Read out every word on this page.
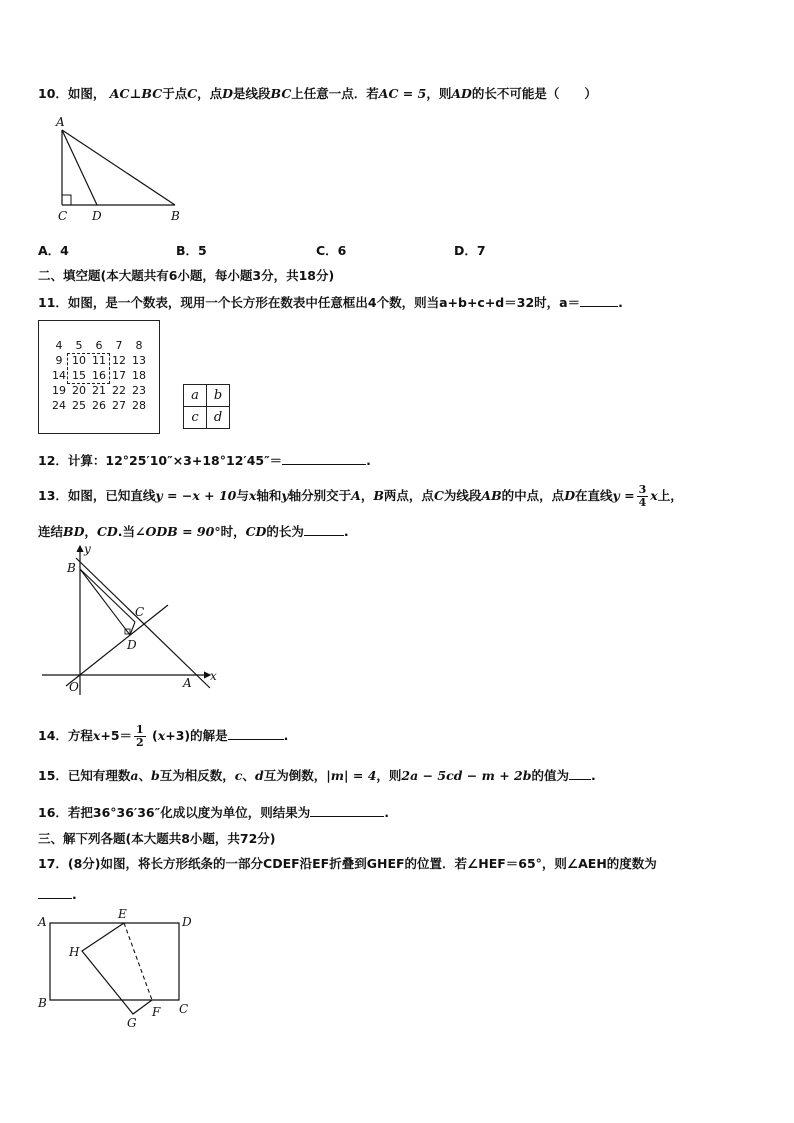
10．如图， AC⊥BC于点C，点D是线段BC上任意一点．若AC = 5，则AD的长不可能是（　　）
A
C D	B
A．4	B．5	C．6	D．7
二、填空题(本大题共有6小题，每小题3分，共18分)
11．如图，是一个数表，现用一个长方形在数表中任意框出4个数，则当a+b+c+d＝32时，a＝	.
4 5 6 7 8
9 10 11 12 13
14 15 16 17 18
19 20 21 22 23
24 25 26 27 28
a	b
c	d
12．计算：12°25′10″×3+18°12′45″＝	.
13．如图，已知直线y = −x + 10与x轴和y轴分别交于A，B两点，点C为线段AB的中点，点D在直线$y = \frac{3}{4}$ x上，
连结BD，CD.当∠ODB = 90°时，CD的长为	.
y
B
C
D
O	A x
14．方程$x+5= \frac{1}{2} (x+3)$的解是	.
15．已知有理数a、b互为相反数，c、d互为倒数，|m| = 4，则2a − 5cd − m + 2b的值为 .
16．若把36°36′36″化成以度为单位，则结果为	.
三、解下列各题(本大题共8小题，共72分)
17．(8分)如图，将长方形纸条的一部分CDEF沿EF折叠到GHEF的位置．若∠HEF＝65°，则∠AEH的度数为
.
A
E
D
H
B
G
F C
